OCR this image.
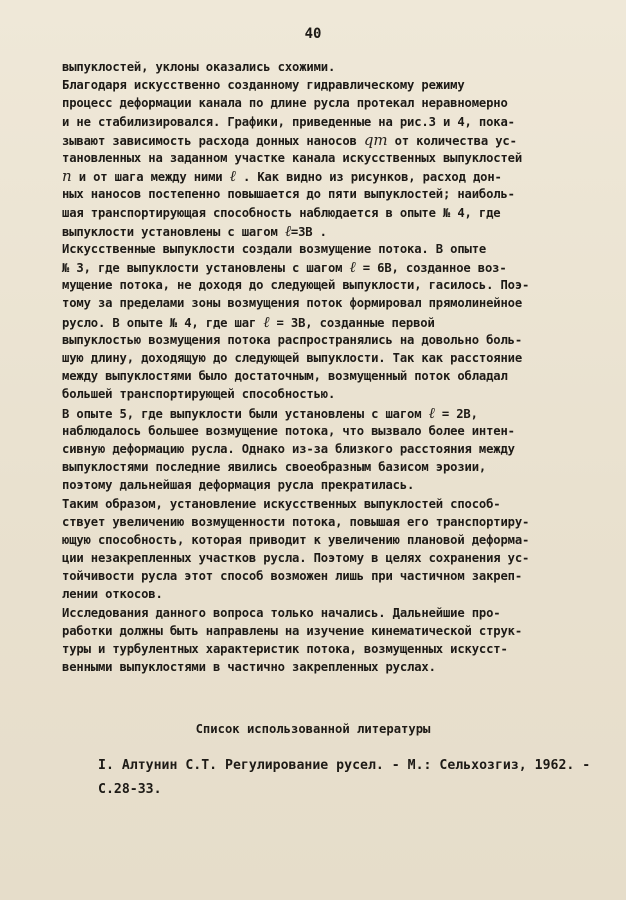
40
выпуклостей, уклоны оказались схожими.
Благодаря искусственно созданному гидравлическому режиму
процесс деформации канала по длине русла протекал неравномерно
и не стабилизировался. Графики, приведенные на рис.3 и 4, пока-
зывают зависимость расхода донных наносов qт от количества ус-
тановленных на заданном участке канала искусственных выпуклостей
n и от шага между ними ℓ . Как видно из рисунков, расход дон-
ных наносов постепенно повышается до пяти выпуклостей; наиболь-
шая транспортирующая способность наблюдается в опыте № 4, где
выпуклости установлены с шагом ℓ=3В .
Искусственные выпуклости создали возмущение потока. В опыте
№ 3, где выпуклости установлены с шагом ℓ = 6В, созданное воз-
мущение потока, не доходя до следующей выпуклости, гасилось. Поэ-
тому за пределами зоны возмущения поток формировал прямолинейное
русло. В опыте № 4, где шаг ℓ = 3В, созданные первой
выпуклостью возмущения потока распространялись на довольно боль-
шую длину, доходящую до следующей выпуклости. Так как расстояние
между выпуклостями было достаточным, возмущенный поток обладал
большей транспортирующей способностью.
В опыте 5, где выпуклости были установлены с шагом ℓ = 2В,
наблюдалось большее возмущение потока, что вызвало более интен-
сивную деформацию русла. Однако из-за близкого расстояния между
выпуклостями последние явились своеобразным базисом эрозии,
поэтому дальнейшая деформация русла прекратилась.
Таким образом, установление искусственных выпуклостей способ-
ствует увеличению возмущенности потока, повышая его транспортиру-
ющую способность, которая приводит к увеличению плановой деформа-
ции незакрепленных участков русла. Поэтому в целях сохранения ус-
тойчивости русла этот способ возможен лишь при частичном закреп-
лении откосов.
Исследования данного вопроса только начались. Дальнейшие про-
работки должны быть направлены на изучение кинематической струк-
туры и турбулентных характеристик потока, возмущенных искусст-
венными выпуклостями в частично закрепленных руслах.
Список использованной литературы
I. Алтунин С.Т. Регулирование русел. - М.: Сельхозгиз, 1962. -
С.28-33.
